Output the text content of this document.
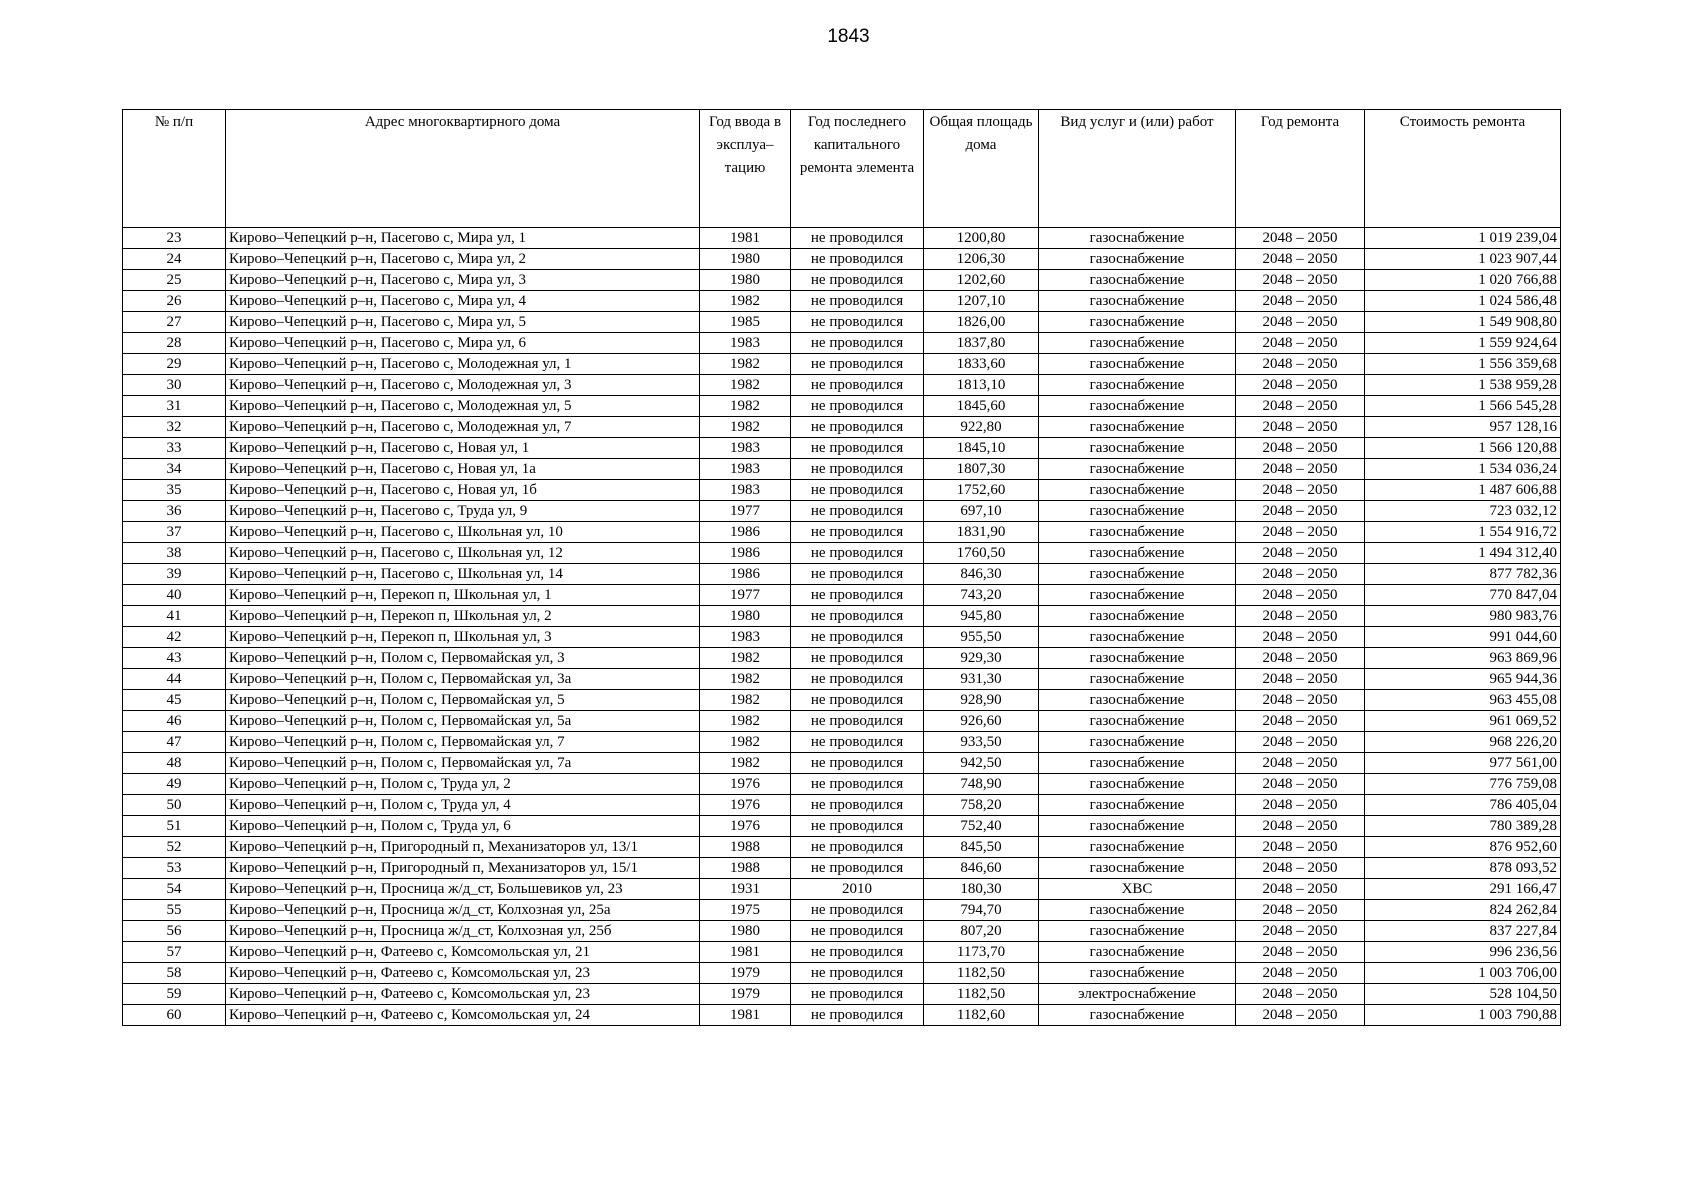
1843
№ п/п	Адрес многоквартирного дома	Год ввода в эксплуа– тацию	Год последнего капитального ремонта элемента	Общая площадь дома	Вид услуг и (или) работ	Год ремонта	Стоимость ремонта
23	Кирово–Чепецкий р–н, Пасегово с, Мира ул, 1	1981	не проводился	1200,80	газоснабжение	2048 – 2050	1 019 239,04
24	Кирово–Чепецкий р–н, Пасегово с, Мира ул, 2	1980	не проводился	1206,30	газоснабжение	2048 – 2050	1 023 907,44
25	Кирово–Чепецкий р–н, Пасегово с, Мира ул, 3	1980	не проводился	1202,60	газоснабжение	2048 – 2050	1 020 766,88
26	Кирово–Чепецкий р–н, Пасегово с, Мира ул, 4	1982	не проводился	1207,10	газоснабжение	2048 – 2050	1 024 586,48
27	Кирово–Чепецкий р–н, Пасегово с, Мира ул, 5	1985	не проводился	1826,00	газоснабжение	2048 – 2050	1 549 908,80
28	Кирово–Чепецкий р–н, Пасегово с, Мира ул, 6	1983	не проводился	1837,80	газоснабжение	2048 – 2050	1 559 924,64
29	Кирово–Чепецкий р–н, Пасегово с, Молодежная ул, 1	1982	не проводился	1833,60	газоснабжение	2048 – 2050	1 556 359,68
30	Кирово–Чепецкий р–н, Пасегово с, Молодежная ул, 3	1982	не проводился	1813,10	газоснабжение	2048 – 2050	1 538 959,28
31	Кирово–Чепецкий р–н, Пасегово с, Молодежная ул, 5	1982	не проводился	1845,60	газоснабжение	2048 – 2050	1 566 545,28
32	Кирово–Чепецкий р–н, Пасегово с, Молодежная ул, 7	1982	не проводился	922,80	газоснабжение	2048 – 2050	957 128,16
33	Кирово–Чепецкий р–н, Пасегово с, Новая ул, 1	1983	не проводился	1845,10	газоснабжение	2048 – 2050	1 566 120,88
34	Кирово–Чепецкий р–н, Пасегово с, Новая ул, 1а	1983	не проводился	1807,30	газоснабжение	2048 – 2050	1 534 036,24
35	Кирово–Чепецкий р–н, Пасегово с, Новая ул, 1б	1983	не проводился	1752,60	газоснабжение	2048 – 2050	1 487 606,88
36	Кирово–Чепецкий р–н, Пасегово с, Труда ул, 9	1977	не проводился	697,10	газоснабжение	2048 – 2050	723 032,12
37	Кирово–Чепецкий р–н, Пасегово с, Школьная ул, 10	1986	не проводился	1831,90	газоснабжение	2048 – 2050	1 554 916,72
38	Кирово–Чепецкий р–н, Пасегово с, Школьная ул, 12	1986	не проводился	1760,50	газоснабжение	2048 – 2050	1 494 312,40
39	Кирово–Чепецкий р–н, Пасегово с, Школьная ул, 14	1986	не проводился	846,30	газоснабжение	2048 – 2050	877 782,36
40	Кирово–Чепецкий р–н, Перекоп п, Школьная ул, 1	1977	не проводился	743,20	газоснабжение	2048 – 2050	770 847,04
41	Кирово–Чепецкий р–н, Перекоп п, Школьная ул, 2	1980	не проводился	945,80	газоснабжение	2048 – 2050	980 983,76
42	Кирово–Чепецкий р–н, Перекоп п, Школьная ул, 3	1983	не проводился	955,50	газоснабжение	2048 – 2050	991 044,60
43	Кирово–Чепецкий р–н, Полом с, Первомайская ул, 3	1982	не проводился	929,30	газоснабжение	2048 – 2050	963 869,96
44	Кирово–Чепецкий р–н, Полом с, Первомайская ул, 3а	1982	не проводился	931,30	газоснабжение	2048 – 2050	965 944,36
45	Кирово–Чепецкий р–н, Полом с, Первомайская ул, 5	1982	не проводился	928,90	газоснабжение	2048 – 2050	963 455,08
46	Кирово–Чепецкий р–н, Полом с, Первомайская ул, 5а	1982	не проводился	926,60	газоснабжение	2048 – 2050	961 069,52
47	Кирово–Чепецкий р–н, Полом с, Первомайская ул, 7	1982	не проводился	933,50	газоснабжение	2048 – 2050	968 226,20
48	Кирово–Чепецкий р–н, Полом с, Первомайская ул, 7а	1982	не проводился	942,50	газоснабжение	2048 – 2050	977 561,00
49	Кирово–Чепецкий р–н, Полом с, Труда ул, 2	1976	не проводился	748,90	газоснабжение	2048 – 2050	776 759,08
50	Кирово–Чепецкий р–н, Полом с, Труда ул, 4	1976	не проводился	758,20	газоснабжение	2048 – 2050	786 405,04
51	Кирово–Чепецкий р–н, Полом с, Труда ул, 6	1976	не проводился	752,40	газоснабжение	2048 – 2050	780 389,28
52	Кирово–Чепецкий р–н, Пригородный п, Механизаторов ул, 13/1	1988	не проводился	845,50	газоснабжение	2048 – 2050	876 952,60
53	Кирово–Чепецкий р–н, Пригородный п, Механизаторов ул, 15/1	1988	не проводился	846,60	газоснабжение	2048 – 2050	878 093,52
54	Кирово–Чепецкий р–н, Просница ж/д_ст, Большевиков ул, 23	1931	2010	180,30	ХВС	2048 – 2050	291 166,47
55	Кирово–Чепецкий р–н, Просница ж/д_ст, Колхозная ул, 25а	1975	не проводился	794,70	газоснабжение	2048 – 2050	824 262,84
56	Кирово–Чепецкий р–н, Просница ж/д_ст, Колхозная ул, 25б	1980	не проводился	807,20	газоснабжение	2048 – 2050	837 227,84
57	Кирово–Чепецкий р–н, Фатеево с, Комсомольская ул, 21	1981	не проводился	1173,70	газоснабжение	2048 – 2050	996 236,56
58	Кирово–Чепецкий р–н, Фатеево с, Комсомольская ул, 23	1979	не проводился	1182,50	газоснабжение	2048 – 2050	1 003 706,00
59	Кирово–Чепецкий р–н, Фатеево с, Комсомольская ул, 23	1979	не проводился	1182,50	электроснабжение	2048 – 2050	528 104,50
60	Кирово–Чепецкий р–н, Фатеево с, Комсомольская ул, 24	1981	не проводился	1182,60	газоснабжение	2048 – 2050	1 003 790,88
